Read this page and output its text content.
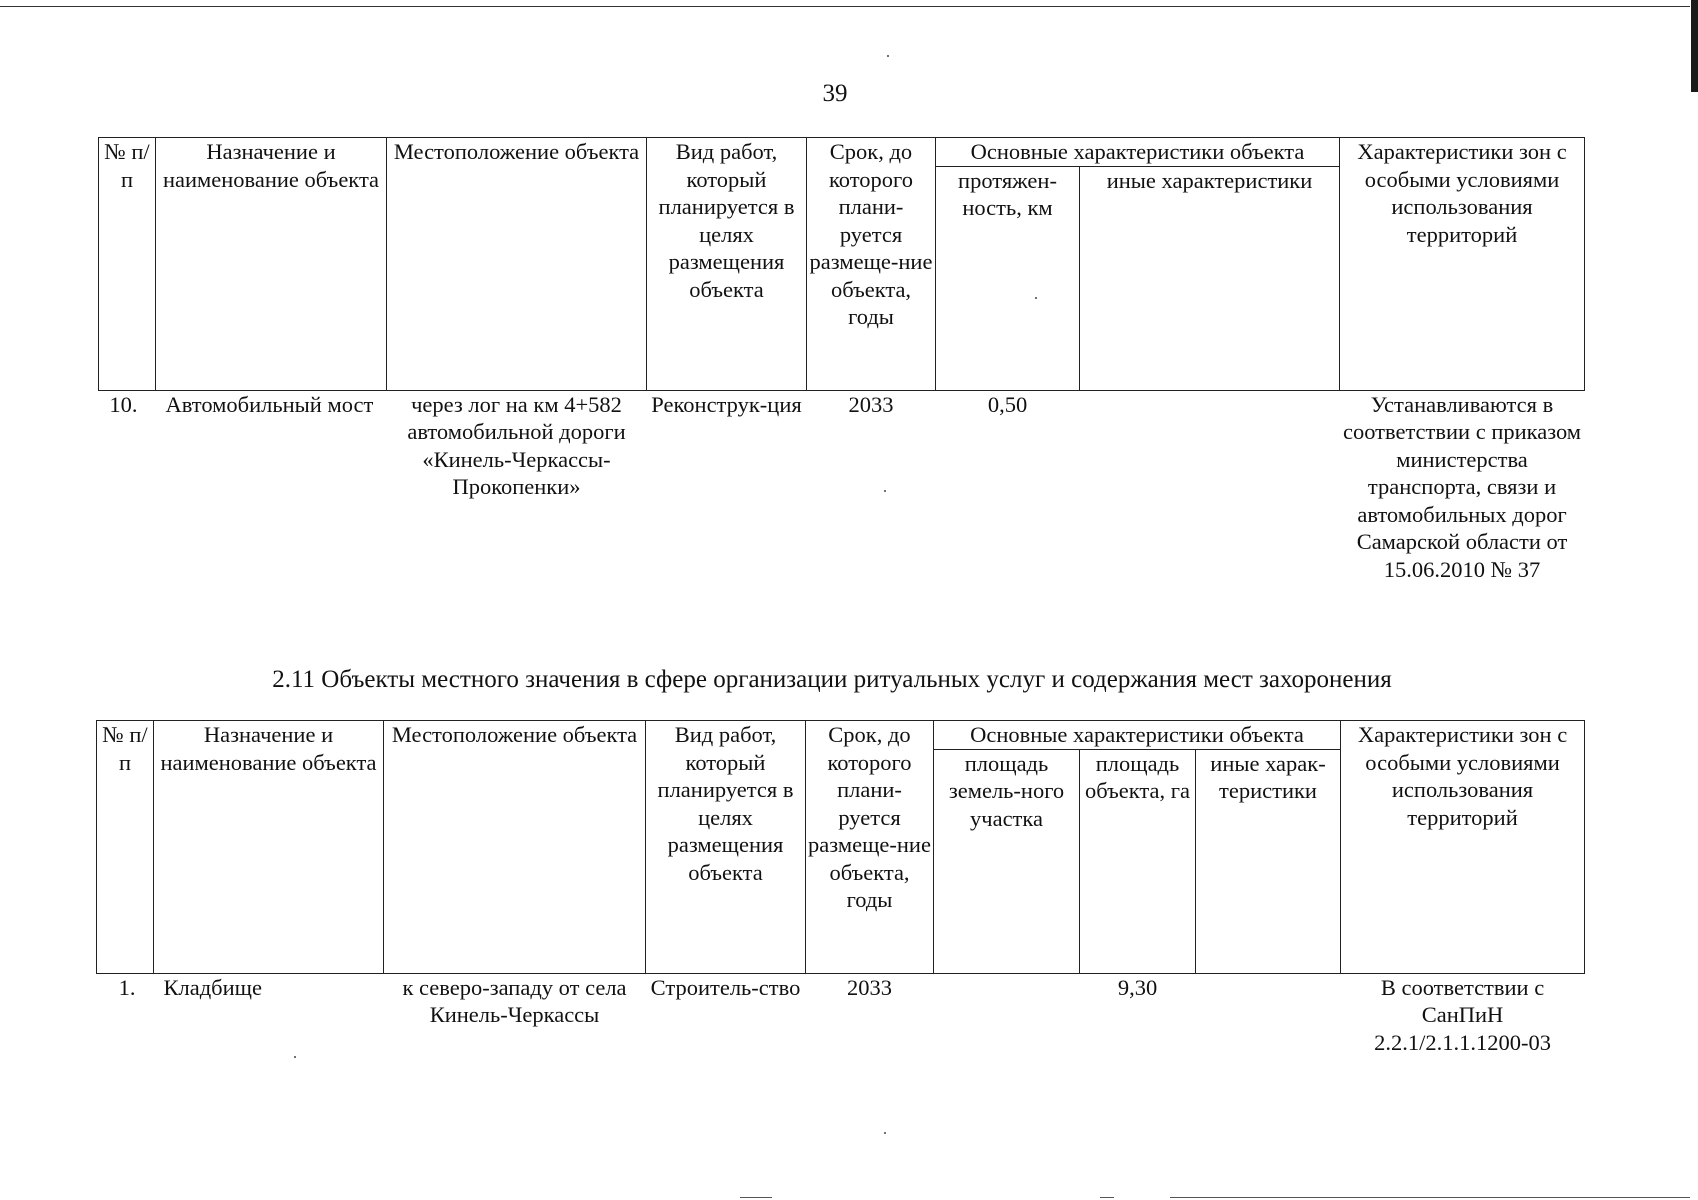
39
№ п/п	Назначение и наименование объекта	Местоположение объекта	Вид работ, который планируется в целях размещения объекта	Срок, до которого плани-руется размеще-ние объекта, годы	Основные характеристики объекта		Характеристики зон с особыми условиями использования территорий
					протяжен-ность, км	иные характеристики	
10.	Автомобильный мост	через лог на км 4+582 автомобильной дороги «Кинель-Черкассы-Прокопенки»	Реконструк-ция	2033	0,50		Устанавливаются в соответствии с приказом министерства транспорта, связи и автомобильных дорог Самарской области от 15.06.2010 № 37
2.11 Объекты местного значения в сфере организации ритуальных услуг и содержания мест захоронения
№ п/п	Назначение и наименование объекта	Местоположение объекта	Вид работ, который планируется в целях размещения объекта	Срок, до которого плани-руется размеще-ние объекта, годы	Основные характеристики объекта			Характеристики зон с особыми условиями использования территорий
					площадь земель-ного участка	площадь объекта, га	иные харак-теристики	
1.	Кладбище	к северо-западу от села Кинель-Черкассы	Строитель-ство	2033		9,30		В соответствии с СанПиН 2.2.1/2.1.1.1200-03
